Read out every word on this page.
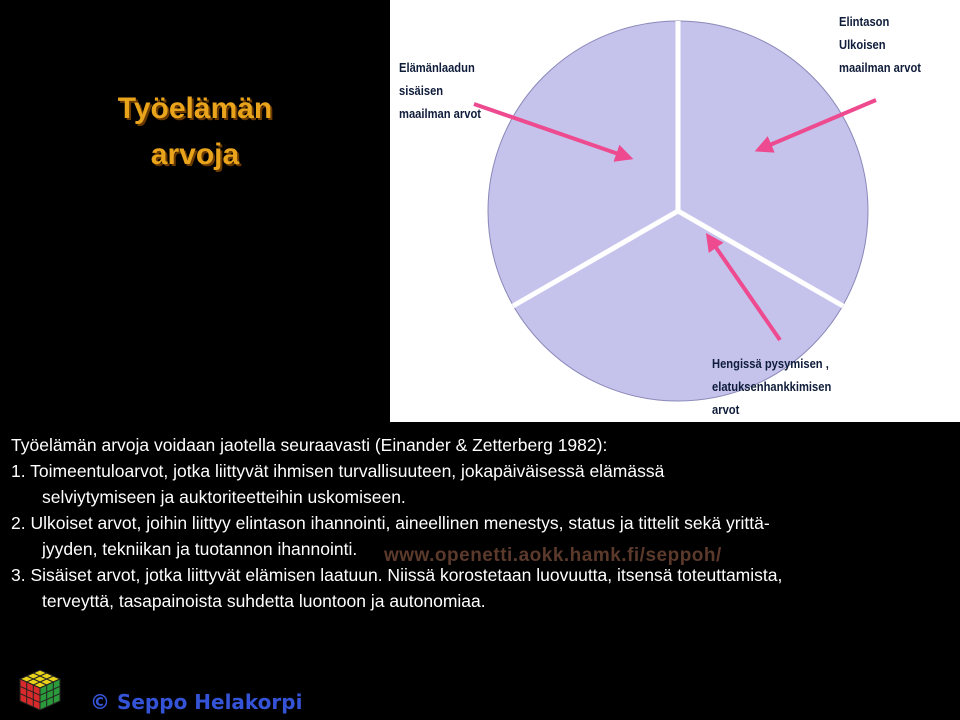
Työelämän
arvoja
Elintason
Ulkoisen
maailman arvot
Elämänlaadun
sisäisen
maailman arvot
Hengissä pysymisen , elatuksenhankkimisen
arvot
www.openetti.aokk.hamk.fi/seppoh/
Työelämän arvoja voidaan jaotella seuraavasti (Einander & Zetterberg 1982):
1. Toimeentuloarvot, jotka liittyvät ihmisen turvallisuuteen, jokapäiväisessä elämässä
selviytymiseen ja auktoriteetteihin uskomiseen.
2. Ulkoiset arvot, joihin liittyy elintason ihannointi, aineellinen menestys, status ja tittelit sekä yrittä-
jyyden, tekniikan ja tuotannon ihannointi.
3. Sisäiset arvot, jotka liittyvät elämisen laatuun. Niissä korostetaan luovuutta, itsensä toteuttamista,
terveyttä, tasapainoista suhdetta luontoon ja autonomiaa.
© Seppo Helakorpi
